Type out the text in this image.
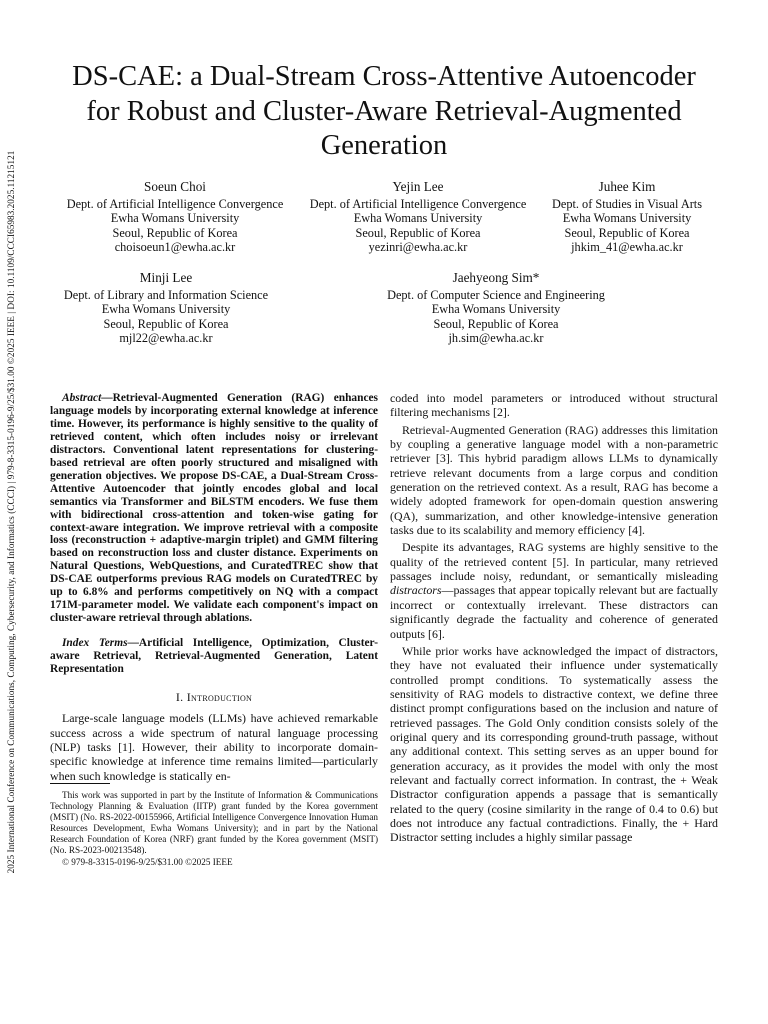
2025 International Conference on Communications, Computing, Cybersecurity, and Informatics (CCCI) | 979-8-3315-0196-9/25/$31.00 ©2025 IEEE | DOI: 10.1109/CCCI65983.2025.11215121
DS-CAE: a Dual-Stream Cross-Attentive Autoencoder for Robust and Cluster-Aware Retrieval-Augmented Generation
Soeun Choi
Dept. of Artificial Intelligence Convergence
Ewha Womans University
Seoul, Republic of Korea
choisoeun1@ewha.ac.kr
Yejin Lee
Dept. of Artificial Intelligence Convergence
Ewha Womans University
Seoul, Republic of Korea
yezinri@ewha.ac.kr
Juhee Kim
Dept. of Studies in Visual Arts
Ewha Womans University
Seoul, Republic of Korea
jhkim_41@ewha.ac.kr
Minji Lee
Dept. of Library and Information Science
Ewha Womans University
Seoul, Republic of Korea
mjl22@ewha.ac.kr
Jaehyeong Sim*
Dept. of Computer Science and Engineering
Ewha Womans University
Seoul, Republic of Korea
jh.sim@ewha.ac.kr

Abstract—Retrieval-Augmented Generation (RAG) enhances language models by incorporating external knowledge at inference time. However, its performance is highly sensitive to the quality of retrieved content, which often includes noisy or irrelevant distractors. Conventional latent representations for clustering-based retrieval are often poorly structured and misaligned with generation objectives. We propose DS-CAE, a Dual-Stream Cross-Attentive Autoencoder that jointly encodes global and local semantics via Transformer and BiLSTM encoders. We fuse them with bidirectional cross-attention and token-wise gating for context-aware integration. We improve retrieval with a composite loss (reconstruction + adaptive-margin triplet) and GMM filtering based on reconstruction loss and cluster distance. Experiments on Natural Questions, WebQuestions, and CuratedTREC show that DS-CAE outperforms previous RAG models on CuratedTREC by up to 6.8% and performs competitively on NQ with a compact 171M-parameter model. We validate each component's impact on cluster-aware retrieval through ablations.

Index Terms—Artificial Intelligence, Optimization, Cluster-aware Retrieval, Retrieval-Augmented Generation, Latent Representation

I. Introduction

Large-scale language models (LLMs) have achieved remarkable success across a wide spectrum of natural language processing (NLP) tasks [1]. However, their ability to incorporate domain-specific knowledge at inference time remains limited—particularly when such knowledge is statically en-

This work was supported in part by the Institute of Information & Communications Technology Planning & Evaluation (IITP) grant funded by the Korea government (MSIT) (No. RS-2022-00155966, Artificial Intelligence Convergence Innovation Human Resources Development, Ewha Womans University); and in part by the National Research Foundation of Korea (NRF) grant funded by the Korea government (MSIT) (No. RS-2023-00213548).

© 979-8-3315-0196-9/25/$31.00 ©2025 IEEE

coded into model parameters or introduced without structural filtering mechanisms [2].

Retrieval-Augmented Generation (RAG) addresses this limitation by coupling a generative language model with a non-parametric retriever [3]. This hybrid paradigm allows LLMs to dynamically retrieve relevant documents from a large corpus and condition generation on the retrieved context. As a result, RAG has become a widely adopted framework for open-domain question answering (QA), summarization, and other knowledge-intensive generation tasks due to its scalability and memory efficiency [4].

Despite its advantages, RAG systems are highly sensitive to the quality of the retrieved content [5]. In particular, many retrieved passages include noisy, redundant, or semantically misleading distractors—passages that appear topically relevant but are factually incorrect or contextually irrelevant. These distractors can significantly degrade the factuality and coherence of generated outputs [6].

While prior works have acknowledged the impact of distractors, they have not evaluated their influence under systematically controlled prompt conditions. To systematically assess the sensitivity of RAG models to distractive context, we define three distinct prompt configurations based on the inclusion and nature of retrieved passages. The Gold Only condition consists solely of the original query and its corresponding ground-truth passage, without any additional context. This setting serves as an upper bound for generation accuracy, as it provides the model with only the most relevant and factually correct information. In contrast, the + Weak Distractor configuration appends a passage that is semantically related to the query (cosine similarity in the range of 0.4 to 0.6) but does not introduce any factual contradictions. Finally, the + Hard Distractor setting includes a highly similar passage
